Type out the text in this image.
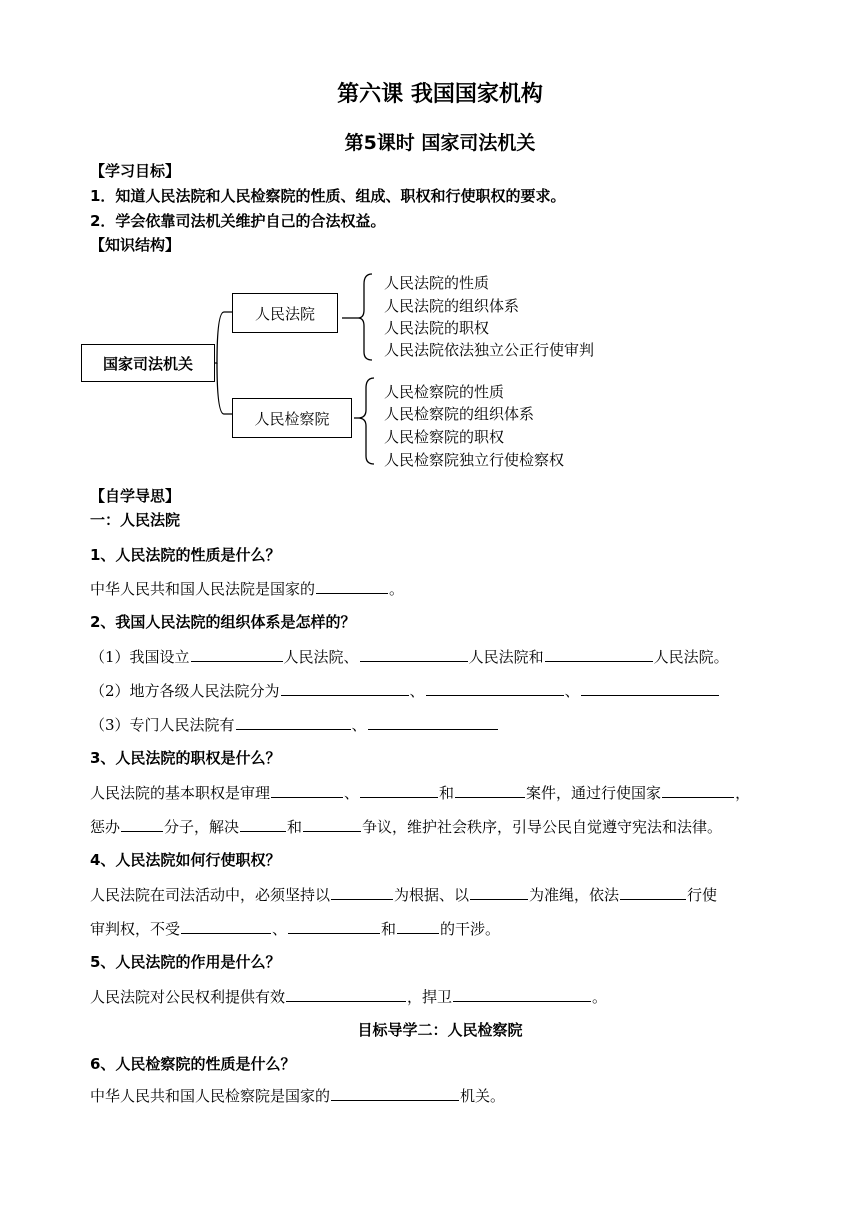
第六课 我国国家机构
第5课时 国家司法机关
【学习目标】
1．知道人民法院和人民检察院的性质、组成、职权和行使职权的要求。
2．学会依靠司法机关维护自己的合法权益。
【知识结构】
国家司法机关
人民法院
人民检察院
人民法院的性质
人民法院的组织体系
人民法院的职权
人民法院依法独立公正行使审判
人民检察院的性质
人民检察院的组织体系
人民检察院的职权
人民检察院独立行使检察权
【自学导思】
一：人民法院
1、人民法院的性质是什么？
中华人民共和国人民法院是国家的	。
2、我国人民法院的组织体系是怎样的？
（1）我国设立	人民法院、	人民法院和	人民法院。
（2）地方各级人民法院分为	、	、
（3）专门人民法院有	、
3、人民法院的职权是什么？
人民法院的基本职权是审理	、	和	案件，通过行使国家	，
惩办	分子，解决	和	争议，维护社会秩序，引导公民自觉遵守宪法和法律。
4、人民法院如何行使职权？
人民法院在司法活动中，必须坚持以	为根据、以	为准绳，依法	行使
审判权，不受	、	和	的干涉。
5、人民法院的作用是什么？
人民法院对公民权利提供有效	，捍卫	。
目标导学二：人民检察院
6、人民检察院的性质是什么？
中华人民共和国人民检察院是国家的	机关。
